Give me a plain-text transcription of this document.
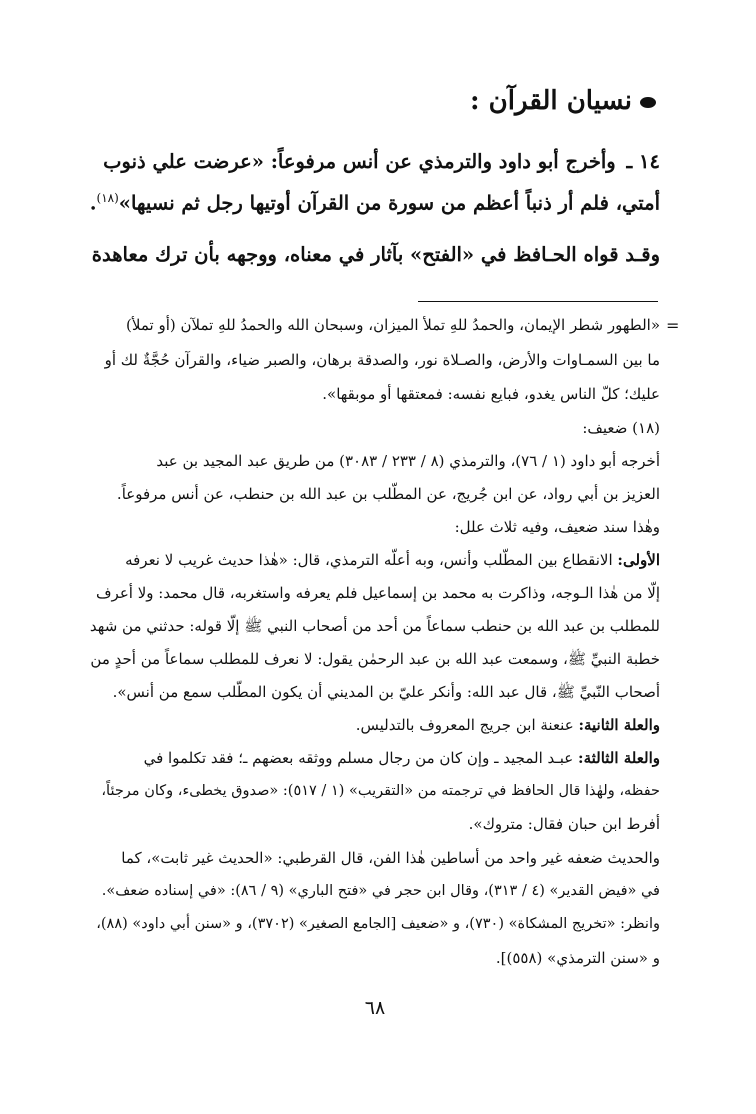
نسيان القرآن :
١٤ ـ وأخرج أبو داود والترمذي عن أنس مرفوعاً: «عرضت علي ذنوب
أمتي، فلم أر ذنباً أعظم من سورة من القرآن أوتيها رجل ثم نسيها»$^{(١٨)}$.
وقـد قواه الحـافظ في «الفتح» بآثار في معناه، ووجهه بأن ترك معاهدة
=
«الطهور شطر الإيمان، والحمدُ للهِ تملأ الميزان، وسبحان الله والحمدُ للهِ تملآن (أو تملأ)
ما بين السمـاوات والأرض، والصـلاة نور، والصدقة برهان، والصبر ضياء، والقرآن حُجَّةٌ لك أو
عليك؛ كلّ الناس يغدو، فبايع نفسه: فمعتقها أو موبقها».
(١٨) ضعيف:
أخرجه أبو داود (١ / ٧٦)، والترمذي (٨ / ٢٣٣ / ٣٠٨٣) من طريق عبد المجيد بن عبد
العزيز بن أبي رواد، عن ابن جُريج، عن المطّلب بن عبد الله بن حنطب، عن أنس مرفوعاً.
وهٰذا سند ضعيف، وفيه ثلاث علل:
الأولى: الانقطاع بين المطّلب وأنس، وبه أعلّه الترمذي، قال: «هٰذا حديث غريب لا نعرفه
إلّا من هٰذا الـوجه، وذاكرت به محمد بن إسماعيل فلم يعرفه واستغربه، قال محمد: ولا أعرف
للمطلب بن عبد الله بن حنطب سماعاً من أحد من أصحاب النبي ﷺ إلّا قوله: حدثني من شهد
خطبة النبيِّ ﷺ، وسمعت عبد الله بن عبد الرحمٰن يقول: لا نعرف للمطلب سماعاً من أحدٍ من
أصحاب النّبيِّ ﷺ، قال عبد الله: وأنكر عليّ بن المديني أن يكون المطّلب سمع من أنس».
والعلة الثانية: عنعنة ابن جريج المعروف بالتدليس.
والعلة الثالثة: عبـد المجيد ـ وإن كان من رجال مسلم ووثقه بعضهم ـ؛ فقد تكلموا في
حفظه، ولهٰذا قال الحافظ في ترجمته من «التقريب» (١ / ٥١٧): «صدوق يخطىء، وكان مرجئاً،
أفرط ابن حبان فقال: متروك».
والحديث ضعفه غير واحد من أساطين هٰذا الفن، قال القرطبي: «الحديث غير ثابت»، كما
في «فيض القدير» (٤ / ٣١٣)، وقال ابن حجر في «فتح الباري» (٩ / ٨٦): «في إسناده ضعف».
وانظر: «تخريج المشكاة» (٧٣٠)، و «ضعيف [الجامع الصغير» (٣٧٠٢)، و «سنن أبي داود» (٨٨)،
و «سنن الترمذي» (٥٥٨)].
٦٨
